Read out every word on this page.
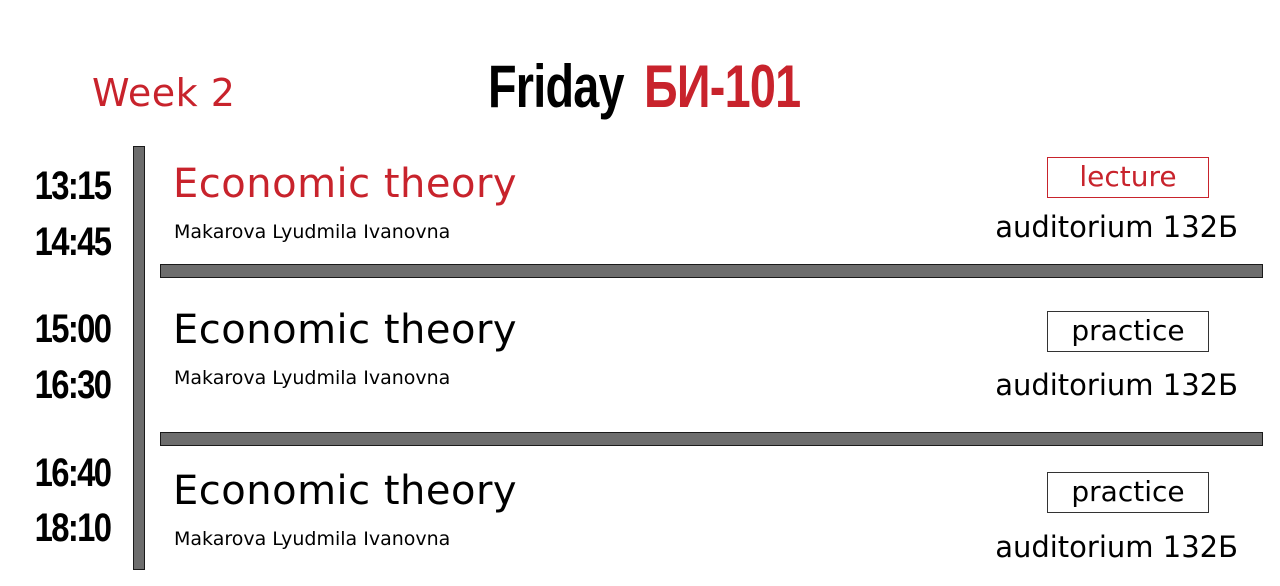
Week 2	Friday БИ-101
13:15
14:45
Economic theory
Makarova Lyudmila Ivanovna
lecture
auditorium 132Б
15:00
16:30
Economic theory
Makarova Lyudmila Ivanovna
practice
auditorium 132Б
16:40
18:10
Economic theory
Makarova Lyudmila Ivanovna
practice
auditorium 132Б
